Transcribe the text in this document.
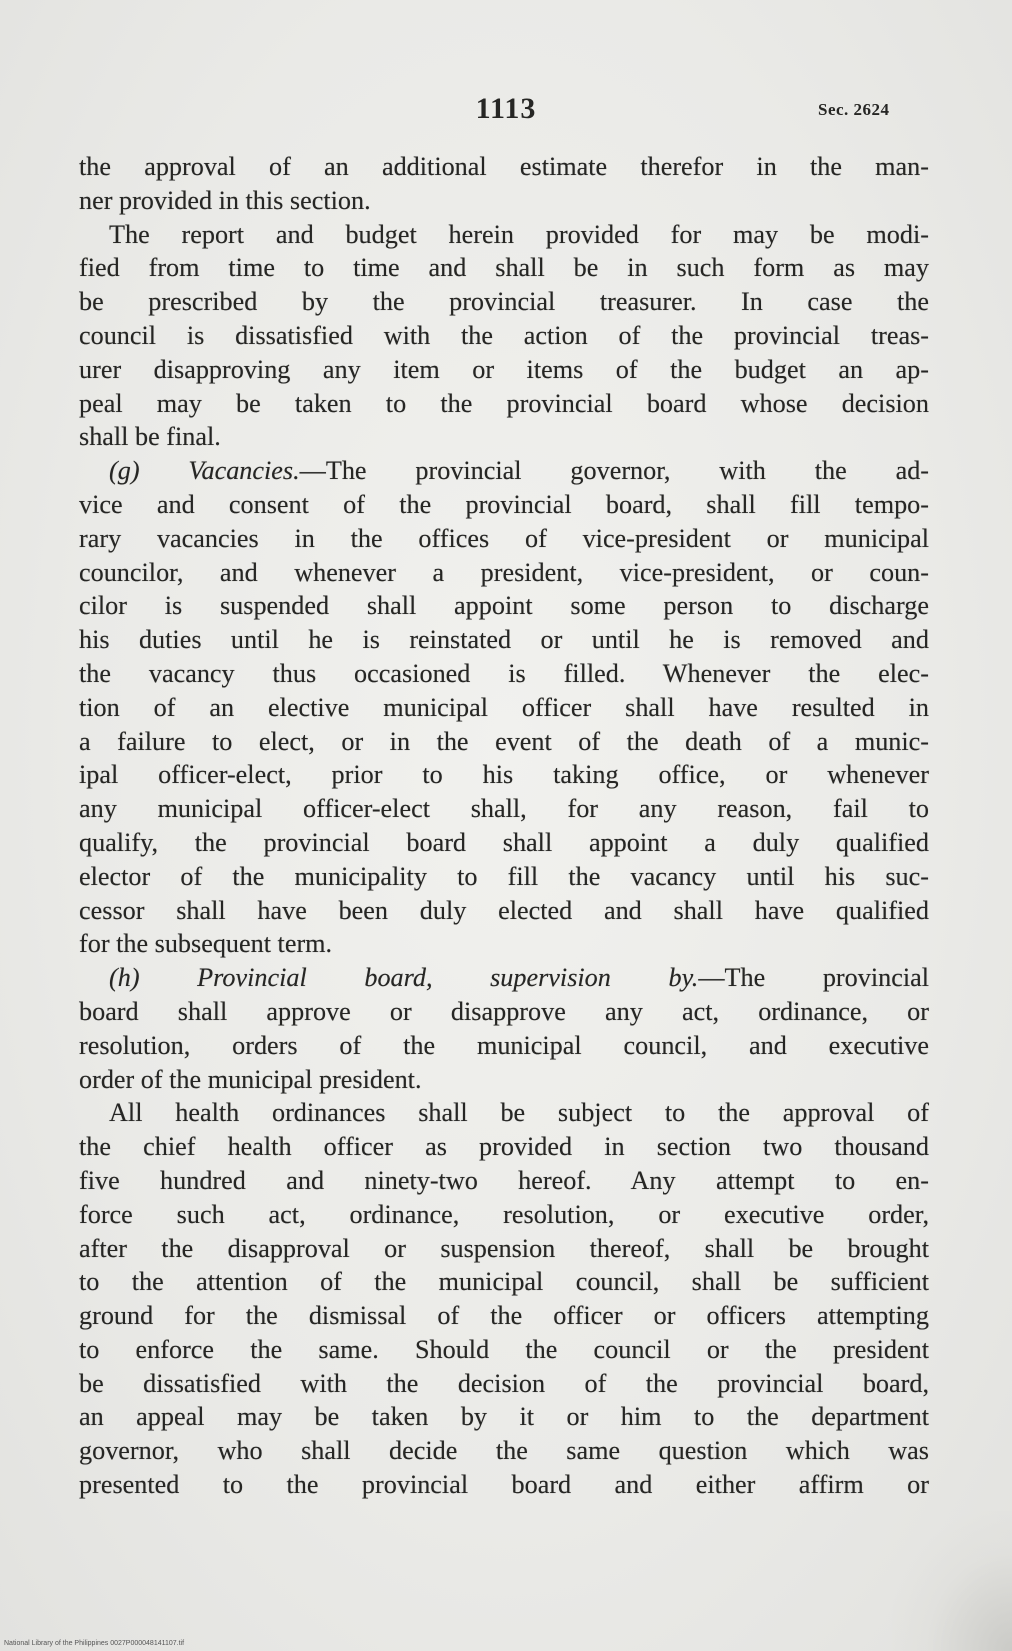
1113	Sec. 2624
the approval of an additional estimate therefor in the man-
ner provided in this section.
The report and budget herein provided for may be modi-
fied from time to time and shall be in such form as may
be prescribed by the provincial treasurer. In case the
council is dissatisfied with the action of the provincial treas-
urer disapproving any item or items of the budget an ap-
peal may be taken to the provincial board whose decision
shall be final.
(g) Vacancies.—The provincial governor, with the ad-
vice and consent of the provincial board, shall fill tempo-
rary vacancies in the offices of vice-president or municipal
councilor, and whenever a president, vice-president, or coun-
cilor is suspended shall appoint some person to discharge
his duties until he is reinstated or until he is removed and
the vacancy thus occasioned is filled. Whenever the elec-
tion of an elective municipal officer shall have resulted in
a failure to elect, or in the event of the death of a munic-
ipal officer-elect, prior to his taking office, or whenever
any municipal officer-elect shall, for any reason, fail to
qualify, the provincial board shall appoint a duly qualified
elector of the municipality to fill the vacancy until his suc-
cessor shall have been duly elected and shall have qualified
for the subsequent term.
(h) Provincial board, supervision by.—The provincial
board shall approve or disapprove any act, ordinance, or
resolution, orders of the municipal council, and executive
order of the municipal president.
All health ordinances shall be subject to the approval of
the chief health officer as provided in section two thousand
five hundred and ninety-two hereof. Any attempt to en-
force such act, ordinance, resolution, or executive order,
after the disapproval or suspension thereof, shall be brought
to the attention of the municipal council, shall be sufficient
ground for the dismissal of the officer or officers attempting
to enforce the same. Should the council or the president
be dissatisfied with the decision of the provincial board,
an appeal may be taken by it or him to the department
governor, who shall decide the same question which was
presented to the provincial board and either affirm or
National Library of the Philippines 0027P000048141107.tif
